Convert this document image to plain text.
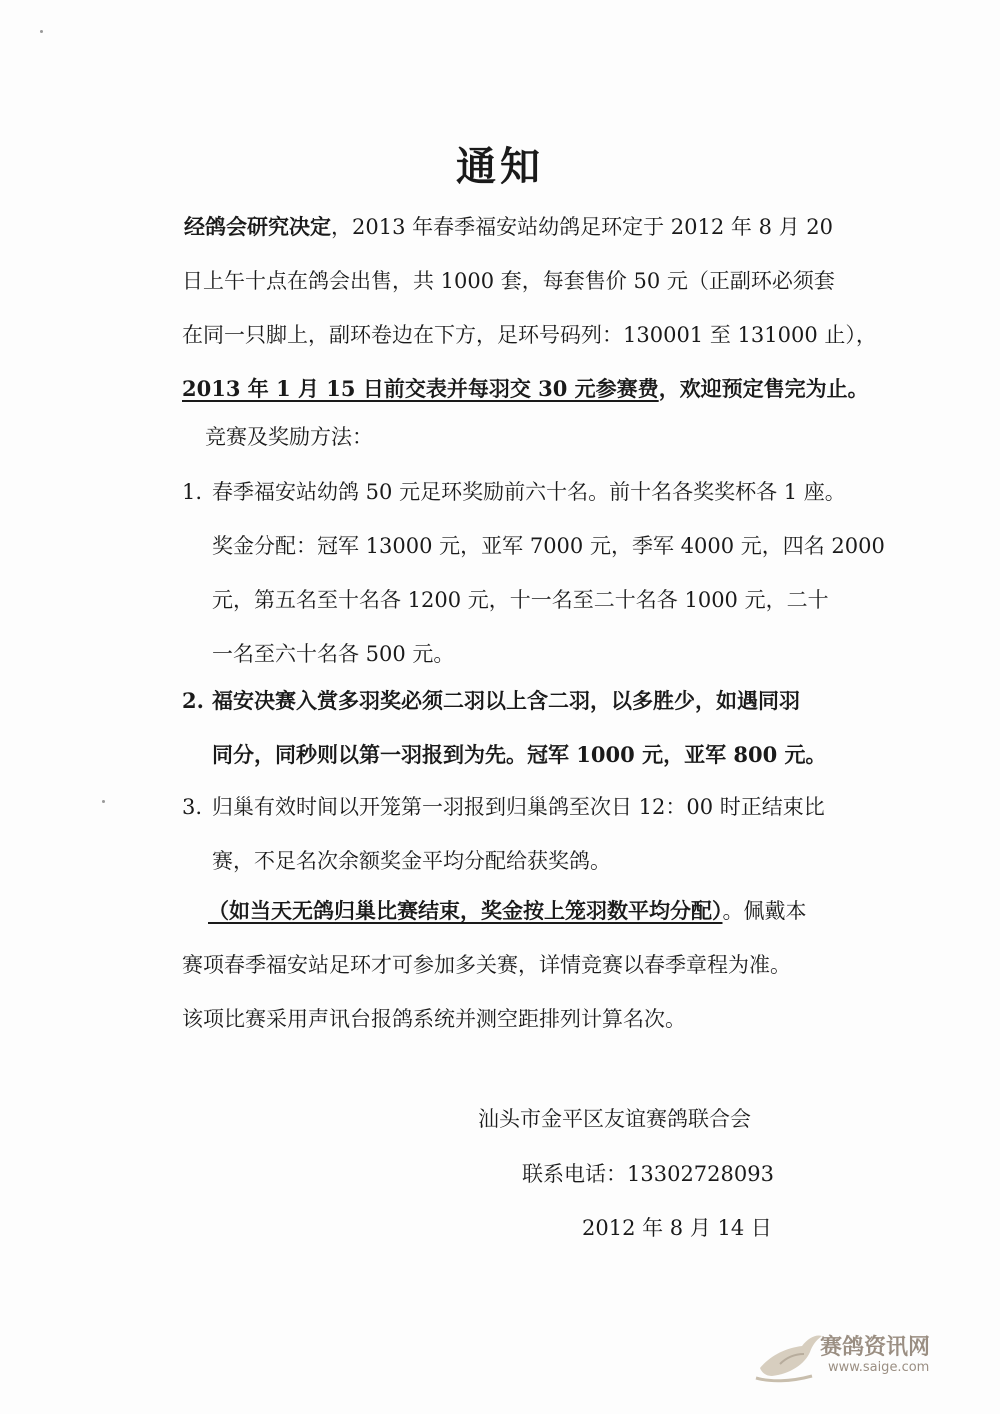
通知
经鸽会研究决定，2013 年春季福安站幼鸽足环定于 2012 年 8 月 20
日上午十点在鸽会出售，共 1000 套，每套售价 50 元（正副环必须套
在同一只脚上，副环卷边在下方，足环号码列：130001 至 131000 止），
2013 年 1 月 15 日前交表并每羽交 30 元参赛费，欢迎预定售完为止。
竞赛及奖励方法：
1. 春季福安站幼鸽 50 元足环奖励前六十名。前十名各奖奖杯各 1 座。
奖金分配：冠军 13000 元，亚军 7000 元，季军 4000 元，四名 2000
元，第五名至十名各 1200 元，十一名至二十名各 1000 元，二十
一名至六十名各 500 元。
2. 福安决赛入赏多羽奖必须二羽以上含二羽，以多胜少，如遇同羽
同分，同秒则以第一羽报到为先。冠军 1000 元，亚军 800 元。
3. 归巢有效时间以开笼第一羽报到归巢鸽至次日 12：00 时正结束比
赛，不足名次余额奖金平均分配给获奖鸽。
（如当天无鸽归巢比赛结束，奖金按上笼羽数平均分配）。佩戴本
赛项春季福安站足环才可参加多关赛，详情竞赛以春季章程为准。
该项比赛采用声讯台报鸽系统并测空距排列计算名次。
汕头市金平区友谊赛鸽联合会
联系电话：13302728093
2012 年 8 月 14 日
赛鸽资讯网
www.saige.com
